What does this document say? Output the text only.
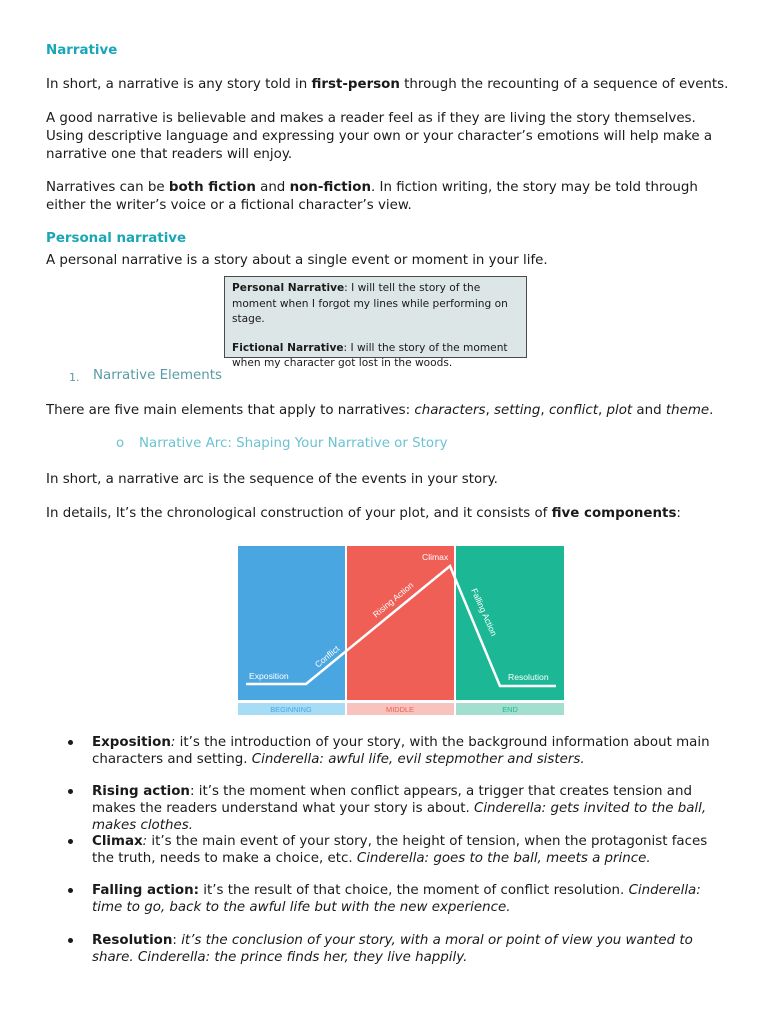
Narrative

In short, a narrative is any story told in first-person through the recounting of a sequence of events.

A good narrative is believable and makes a reader feel as if they are living the story themselves. Using descriptive language and expressing your own or your character’s emotions will help make a narrative one that readers will enjoy.

Narratives can be both fiction and non-fiction. In fiction writing, the story may be told through either the writer’s voice or a fictional character’s view.

Personal narrative

A personal narrative is a story about a single event or moment in your life.

Personal Narrative: I will tell the story of the moment when I forgot my lines while performing on stage.
Fictional Narrative: I will the story of the moment when my character got lost in the woods.
1. Narrative Elements

There are five main elements that apply to narratives: characters, setting, conflict, plot and theme.

o Narrative Arc: Shaping Your Narrative or Story

In short, a narrative arc is the sequence of the events in your story.

In details, It’s the chronological construction of your plot, and it consists of five components:

BEGINNING	MIDDLE	END
Exposition
Conflict
Rising Action
Climax
Falling Action
Resolution
Exposition: it’s the introduction of your story, with the background information about main characters and setting. Cinderella: awful life, evil stepmother and sisters.
Rising action: it’s the moment when conflict appears, a trigger that creates tension and makes the readers understand what your story is about. Cinderella: gets invited to the ball, makes clothes.
Climax: it’s the main event of your story, the height of tension, when the protagonist faces the truth, needs to make a choice, etc. Cinderella: goes to the ball, meets a prince.
Falling action: it’s the result of that choice, the moment of conflict resolution. Cinderella: time to go, back to the awful life but with the new experience.
Resolution: it’s the conclusion of your story, with a moral or point of view you wanted to share. Cinderella: the prince finds her, they live happily.
